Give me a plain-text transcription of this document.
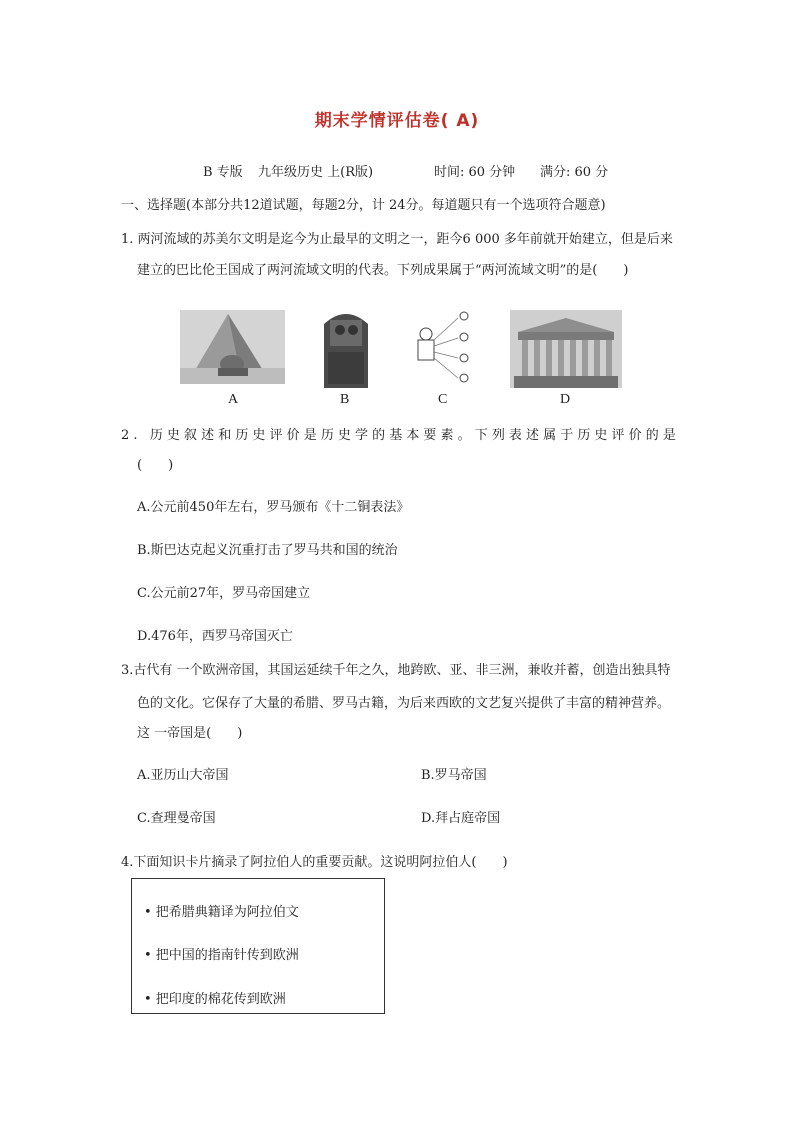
期末学情评估卷( A)
B 专版 九年级历史 上(R版)	时间: 60 分钟 满分: 60 分
一、选择题(本部分共12道试题，每题2分，计 24分。每道题只有一个选项符合题意)
1. 两河流域的苏美尔文明是迄今为止最早的文明之一，距今6 000 多年前就开始建立，但是后来
建立的巴比伦王国成了两河流域文明的代表。下列成果属于“两河流域文明”的是(　　)
A	B	C	D
2. 历史叙述和历史评价是历史学的基本要素。下列表述属于历史评价的是
(　　)
A.公元前450年左右，罗马颁布《十二铜表法》
B.斯巴达克起义沉重打击了罗马共和国的统治
C.公元前27年，罗马帝国建立
D.476年，西罗马帝国灭亡
3.古代有 一个欧洲帝国，其国运延续千年之久，地跨欧、亚、非三洲，兼收并蓄，创造出独具特
色的文化。它保存了大量的希腊、罗马古籍，为后来西欧的文艺复兴提供了丰富的精神营养。
这 一帝国是(　　)
A.亚历山大帝国	B.罗马帝国
C.查理曼帝国	D.拜占庭帝国
4.下面知识卡片摘录了阿拉伯人的重要贡献。这说明阿拉伯人(　　)
• 把希腊典籍译为阿拉伯文
• 把中国的指南针传到欧洲
• 把印度的棉花传到欧洲
